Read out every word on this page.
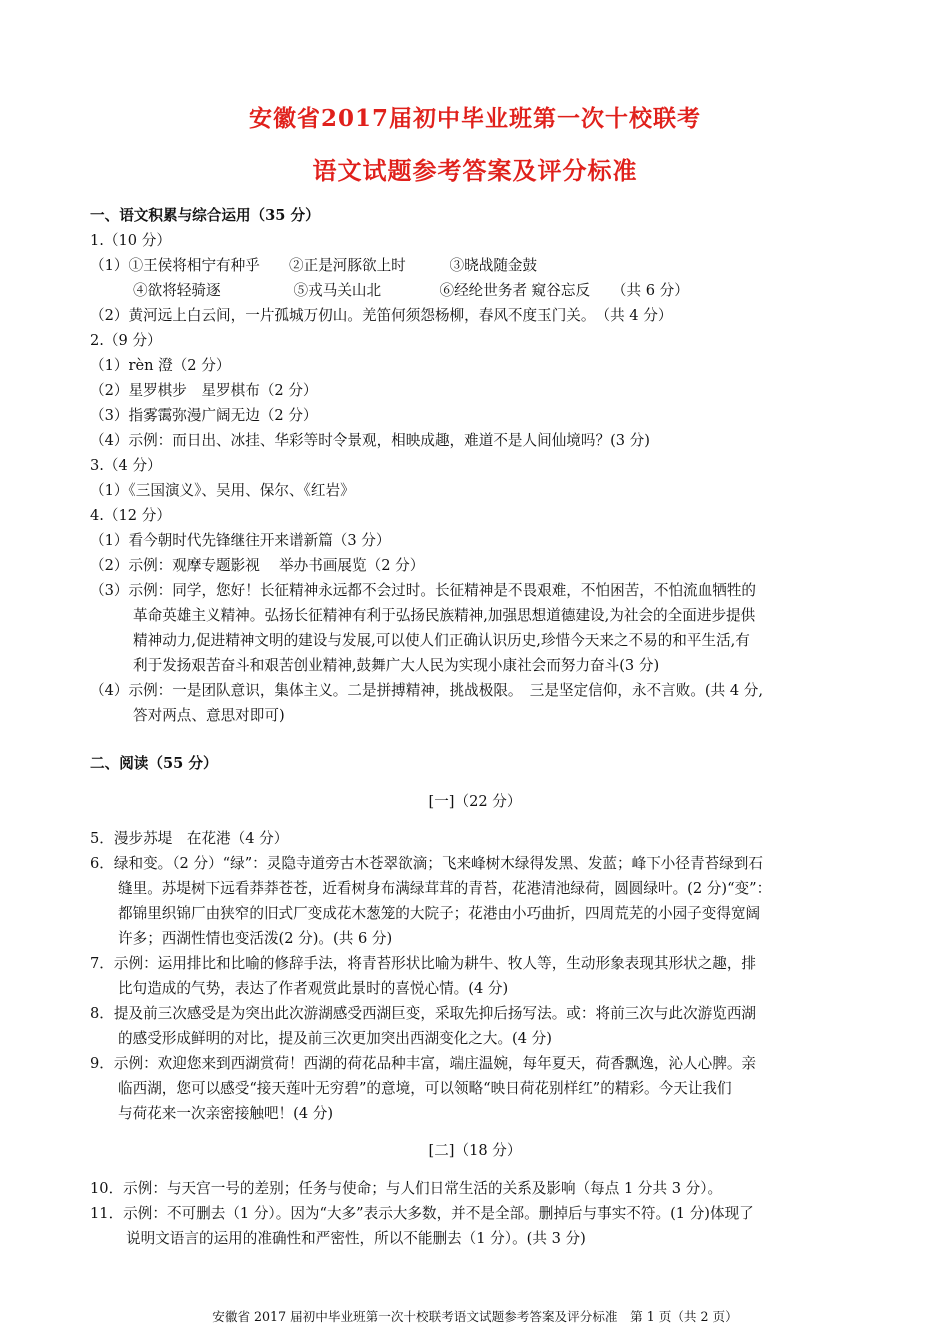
安徽省2017届初中毕业班第一次十校联考
语文试题参考答案及评分标准
一、语文积累与综合运用（35 分）
1.（10 分）
（1）①王侯将相宁有种乎　　②正是河豚欲上时　　　③晓战随金鼓
④欲将轻骑逐　　　　　⑤戎马关山北　　　　⑥经纶世务者 窥谷忘反　　（共 6 分）
（2）黄河远上白云间，一片孤城万仞山。羌笛何须怨杨柳，春风不度玉门关。　（共 4 分）
2.（9 分）
（1）rèn 澄（2 分）
（2）星罗棋步　星罗棋布（2 分）
（3）指雾霭弥漫广阔无边（2 分）
（4）示例：而日出、冰挂、华彩等时令景观，相映成趣，难道不是人间仙境吗？(3 分)
3.（4 分）
（1）《三国演义》、吴用、保尔、《红岩》
4.（12 分）
（1）看今朝时代先锋继往开来谱新篇（3 分）
（2）示例：观摩专题影视　 举办书画展览（2 分）
（3）示例：同学，您好！长征精神永远都不会过时。长征精神是不畏艰难，不怕困苦，不怕流血牺牲的
革命英雄主义精神。弘扬长征精神有利于弘扬民族精神,加强思想道德建设,为社会的全面进步提供
精神动力,促进精神文明的建设与发展,可以使人们正确认识历史,珍惜今天来之不易的和平生活,有
利于发扬艰苦奋斗和艰苦创业精神,鼓舞广大人民为实现小康社会而努力奋斗(3 分)
（4）示例：一是团队意识，集体主义。二是拼搏精神，挑战极限。　三是坚定信仰，永不言败。(共 4 分,
答对两点、意思对即可)
二、阅读（55 分）
5．漫步苏堤　在花港（4 分）
6．绿和变。（2 分）“绿”：灵隐寺道旁古木苍翠欲滴；飞来峰树木绿得发黑、发蓝；峰下小径青苔绿到石
缝里。苏堤树下远看莽莽苍苍，近看树身布满绿茸茸的青苔，花港清池绿荷，圆圆绿叶。(2 分)“变”：
都锦里织锦厂由狭窄的旧式厂变成花木葱笼的大院子；花港由小巧曲折，四周荒芜的小园子变得宽阔
许多；西湖性情也变活泼(2 分)。(共 6 分)
7．示例：运用排比和比喻的修辞手法，将青苔形状比喻为耕牛、牧人等，生动形象表现其形状之趣，排
比句造成的气势，表达了作者观赏此景时的喜悦心情。(4 分)
8．提及前三次感受是为突出此次游湖感受西湖巨变，采取先抑后扬写法。或：将前三次与此次游览西湖
的感受形成鲜明的对比，提及前三次更加突出西湖变化之大。(4 分)
9．示例：欢迎您来到西湖赏荷！西湖的荷花品种丰富，端庄温婉，每年夏天，荷香飘逸，沁人心脾。亲
临西湖，您可以感受“接天莲叶无穷碧”的意境，可以领略“映日荷花别样红”的精彩。今天让我们
与荷花来一次亲密接触吧！(4 分)
10．示例：与天宫一号的差别；任务与使命；与人们日常生活的关系及影响（每点 1 分共 3 分）。
11．示例：不可删去（1 分）。因为“大多”表示大多数，并不是全部。删掉后与事实不符。(1 分)体现了
说明文语言的运用的准确性和严密性，所以不能删去（1 分）。(共 3 分)
[一]（22 分）
[二]（18 分）
安徽省 2017 届初中毕业班第一次十校联考语文试题参考答案及评分标准　第 1 页（共 2 页）
